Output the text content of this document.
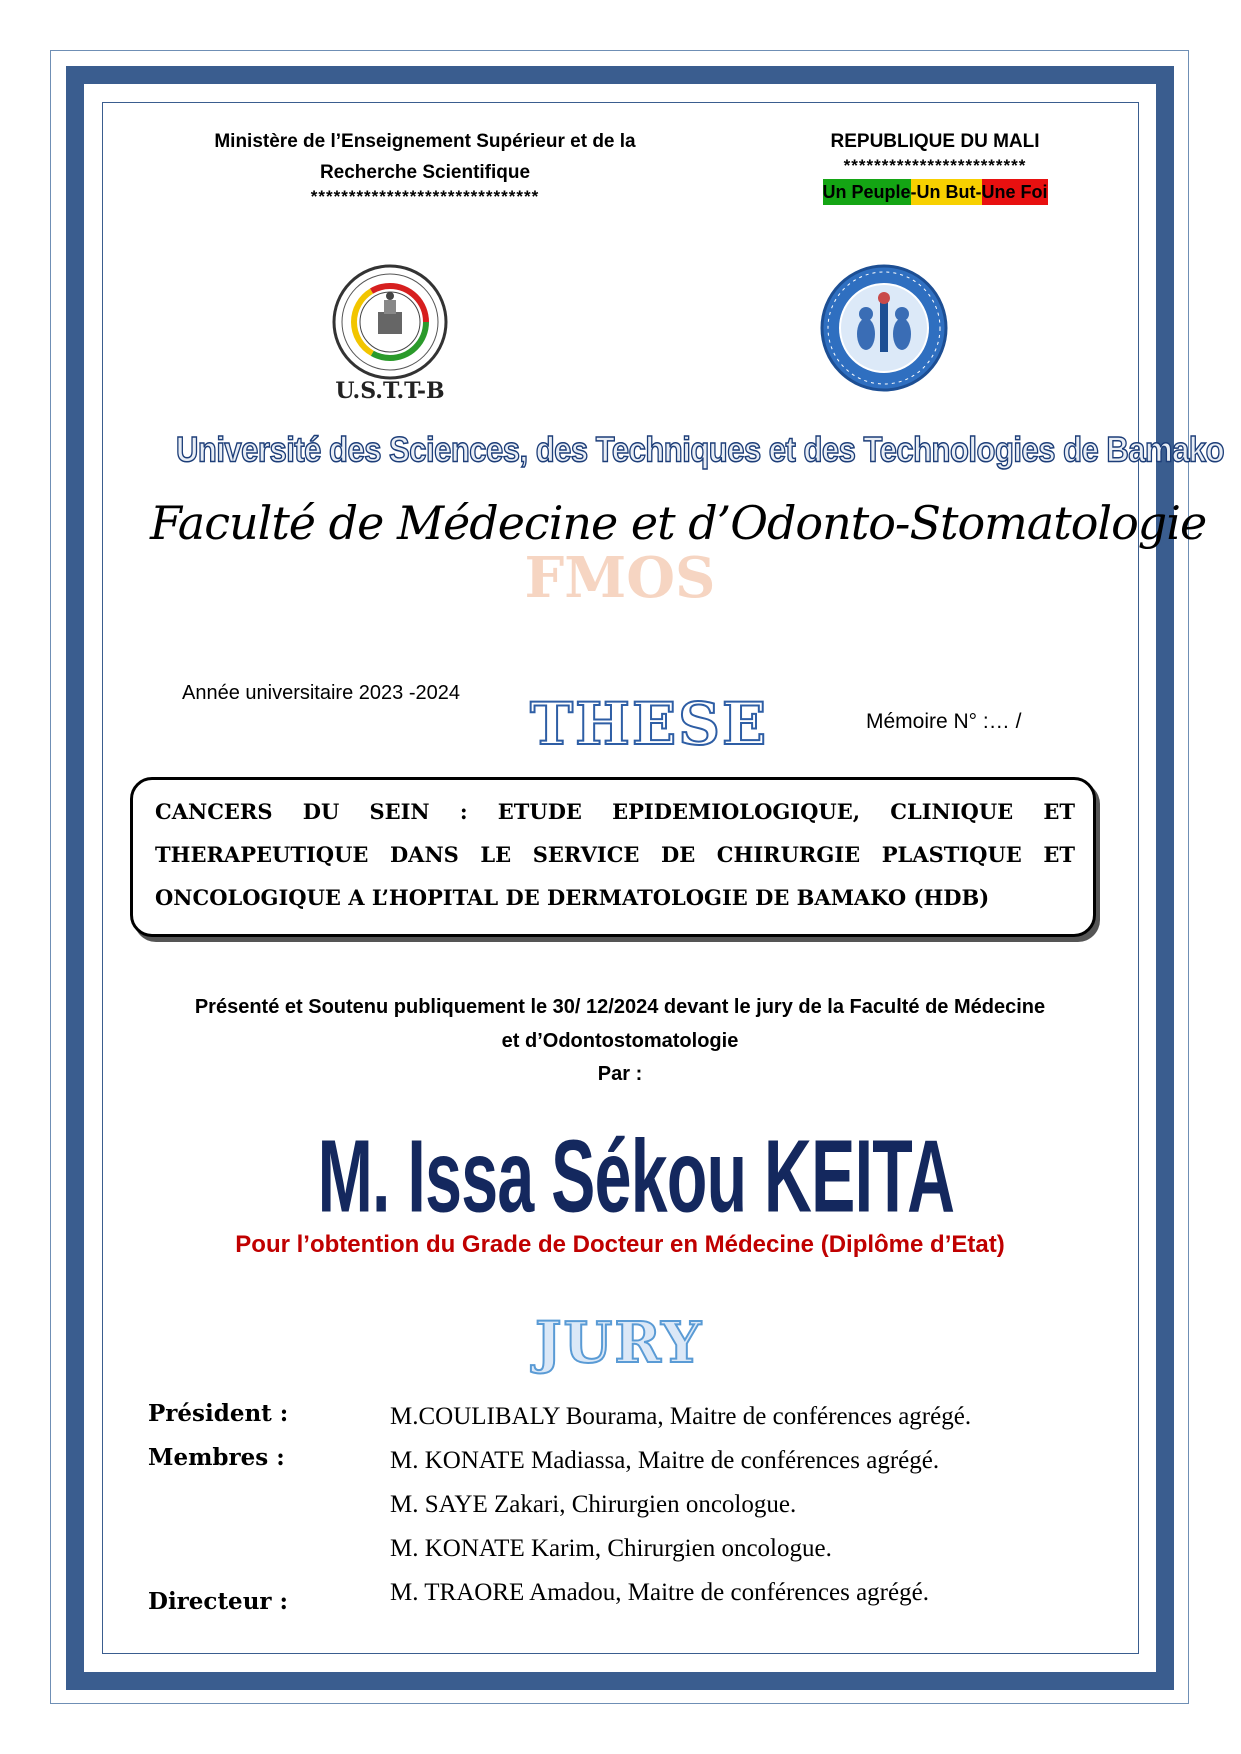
Ministère de l’Enseignement Supérieur et de la
Recherche Scientifique
******************************
REPUBLIQUE DU MALI
************************
Un Peuple - Un But - Une Foi
U.S.T.T-B
Université des Sciences, des Techniques et des Technologies de Bamako
Faculté de Médecine et d’Odonto-Stomatologie
FMOS
Année universitaire 2023 -2024 THESE	Mémoire N° :… /
CANCERS DU SEIN : ETUDE EPIDEMIOLOGIQUE, CLINIQUE ET THERAPEUTIQUE DANS LE SERVICE DE CHIRURGIE PLASTIQUE ET ONCOLOGIQUE A L’HOPITAL DE DERMATOLOGIE DE BAMAKO (HDB)
Présenté et Soutenu publiquement le 30/ 12/2024 devant le jury de la Faculté de Médecine
et d’Odontostomatologie
Par :
M. Issa Sékou KEITA
Pour l’obtention du Grade de Docteur en Médecine (Diplôme d’Etat)
JURY
Président :
Membres :
Directeur :
M.COULIBALY Bourama, Maitre de conférences agrégé.
M. KONATE Madiassa, Maitre de conférences agrégé.
M. SAYE Zakari, Chirurgien oncologue.
M. KONATE Karim, Chirurgien oncologue.
M. TRAORE Amadou, Maitre de conférences agrégé.
